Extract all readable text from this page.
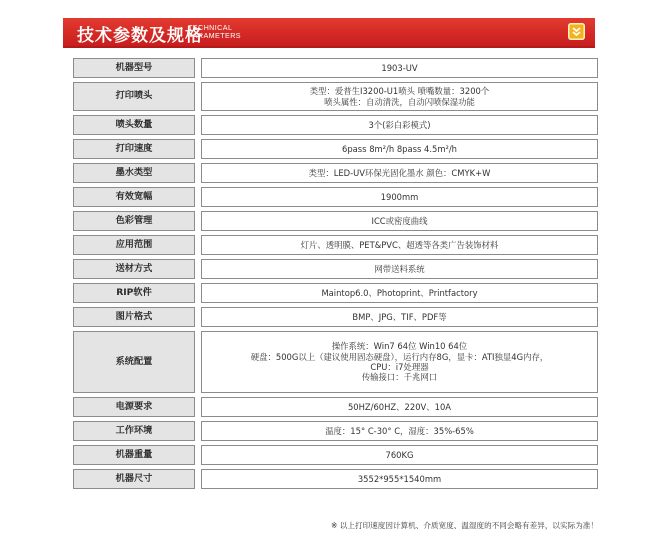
技术参数及规格
TECHNICAL
PARAMETERS
机器型号	1903-UV
打印喷头	类型：爱普生I3200-U1喷头 喷嘴数量：3200个
喷头属性：自动清洗，自动闪喷保湿功能
喷头数量	3个(彩白彩模式)
打印速度	6pass 8m²/h 8pass 4.5m²/h
墨水类型	类型：LED-UV环保光固化墨水 颜色：CMYK+W
有效宽幅	1900mm
色彩管理	ICC或密度曲线
应用范围	灯片、透明膜、PET&PVC、超透等各类广告装饰材料
送材方式	网带送料系统
RIP软件	Maintop6.0、Photoprint、Printfactory
图片格式	BMP、JPG、TIF、PDF等
系统配置
操作系统：Win7 64位 Win10 64位
硬盘：500G以上（建议使用固态硬盘），运行内存8G，显卡：ATI独显4G内存，
CPU：i7处理器
传输接口：千兆网口
电源要求	50HZ/60HZ、220V、10A
工作环境	温度：15° C-30° C，湿度：35%-65%
机器重量	760KG
机器尺寸	3552*955*1540mm
※ 以上打印速度因计算机、介质宽度、温湿度的不同会略有差异，以实际为准！
